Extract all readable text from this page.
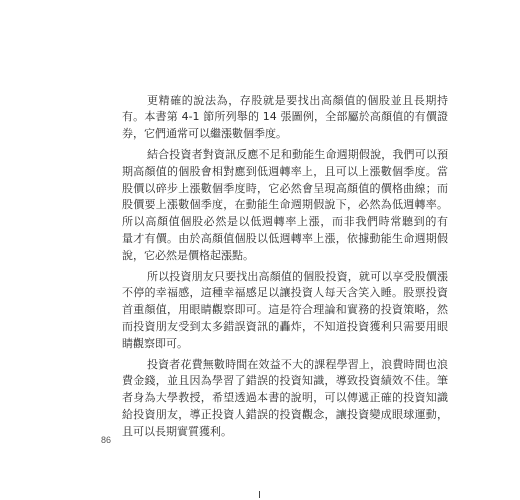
更精確的說法為，存股就是要找出高顏值的個股並且長期持
有。本書第 4-1 節所列舉的 14 張圖例，全部屬於高顏值的有價證
券，它們通常可以繼漲數個季度。
結合投資者對資訊反應不足和動能生命週期假說，我們可以預
期高顏值的個股會相對應到低週轉率上，且可以上漲數個季度。當
股價以碎步上漲數個季度時，它必然會呈現高顏值的價格曲線；而
股價要上漲數個季度，在動能生命週期假說下，必然為低週轉率。
所以高顏值個股必然是以低週轉率上漲，而非我們時常聽到的有
量才有價。由於高顏值個股以低週轉率上漲，依據動能生命週期假
說，它必然是價格起漲點。
所以投資朋友只要找出高顏值的個股投資，就可以享受股價漲
不停的幸福感，這種幸福感足以讓投資人每天含笑入睡。股票投資
首重顏值，用眼睛觀察即可。這是符合理論和實務的投資策略，然
而投資朋友受到太多錯誤資訊的轟炸，不知道投資獲利只需要用眼
睛觀察即可。
投資者花費無數時間在效益不大的課程學習上，浪費時間也浪
費金錢，並且因為學習了錯誤的投資知識，導致投資績效不佳。筆
者身為大學教授，希望透過本書的說明，可以傳遞正確的投資知識
給投資朋友，導正投資人錯誤的投資觀念，讓投資變成眼球運動，
且可以長期實質獲利。
86
